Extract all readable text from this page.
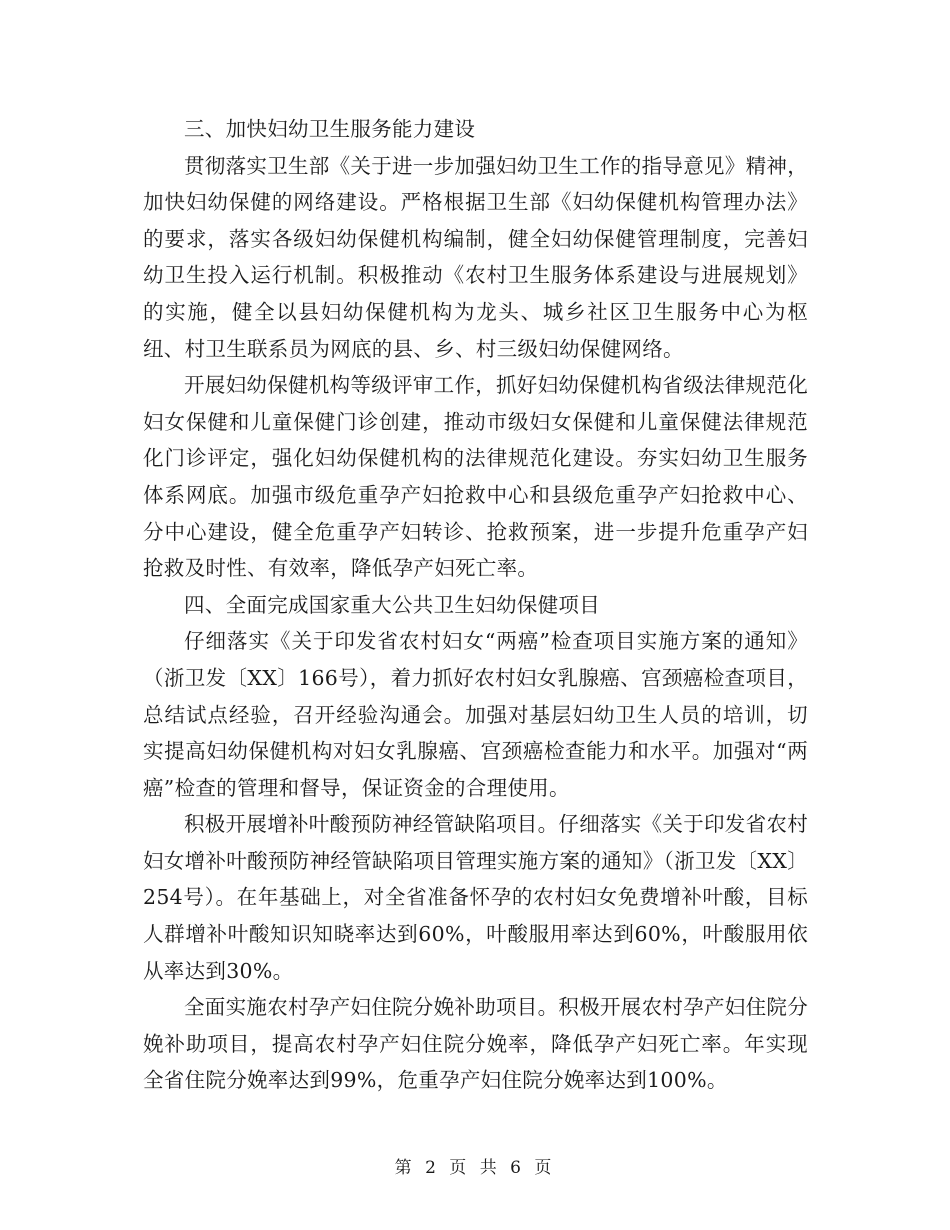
三、加快妇幼卫生服务能力建设

贯彻落实卫生部《关于进一步加强妇幼卫生工作的指导意见》精神，加快妇幼保健的网络建设。严格根据卫生部《妇幼保健机构管理办法》的要求，落实各级妇幼保健机构编制，健全妇幼保健管理制度，完善妇幼卫生投入运行机制。积极推动《农村卫生服务体系建设与进展规划》的实施，健全以县妇幼保健机构为龙头、城乡社区卫生服务中心为枢纽、村卫生联系员为网底的县、乡、村三级妇幼保健网络。

开展妇幼保健机构等级评审工作，抓好妇幼保健机构省级法律规范化妇女保健和儿童保健门诊创建，推动市级妇女保健和儿童保健法律规范化门诊评定，强化妇幼保健机构的法律规范化建设。夯实妇幼卫生服务体系网底。加强市级危重孕产妇抢救中心和县级危重孕产妇抢救中心、分中心建设，健全危重孕产妇转诊、抢救预案，进一步提升危重孕产妇抢救及时性、有效率，降低孕产妇死亡率。

四、全面完成国家重大公共卫生妇幼保健项目

仔细落实《关于印发省农村妇女“两癌”检查项目实施方案的通知》（浙卫发〔XX〕166号），着力抓好农村妇女乳腺癌、宫颈癌检查项目，总结试点经验，召开经验沟通会。加强对基层妇幼卫生人员的培训，切实提高妇幼保健机构对妇女乳腺癌、宫颈癌检查能力和水平。加强对“两癌”检查的管理和督导，保证资金的合理使用。

积极开展增补叶酸预防神经管缺陷项目。仔细落实《关于印发省农村妇女增补叶酸预防神经管缺陷项目管理实施方案的通知》（浙卫发〔XX〕254号）。在年基础上，对全省准备怀孕的农村妇女免费增补叶酸，目标人群增补叶酸知识知晓率达到60%，叶酸服用率达到60%，叶酸服用依从率达到30%。

全面实施农村孕产妇住院分娩补助项目。积极开展农村孕产妇住院分娩补助项目，提高农村孕产妇住院分娩率，降低孕产妇死亡率。年实现全省住院分娩率达到99%，危重孕产妇住院分娩率达到100%。

第 2 页 共 6 页
